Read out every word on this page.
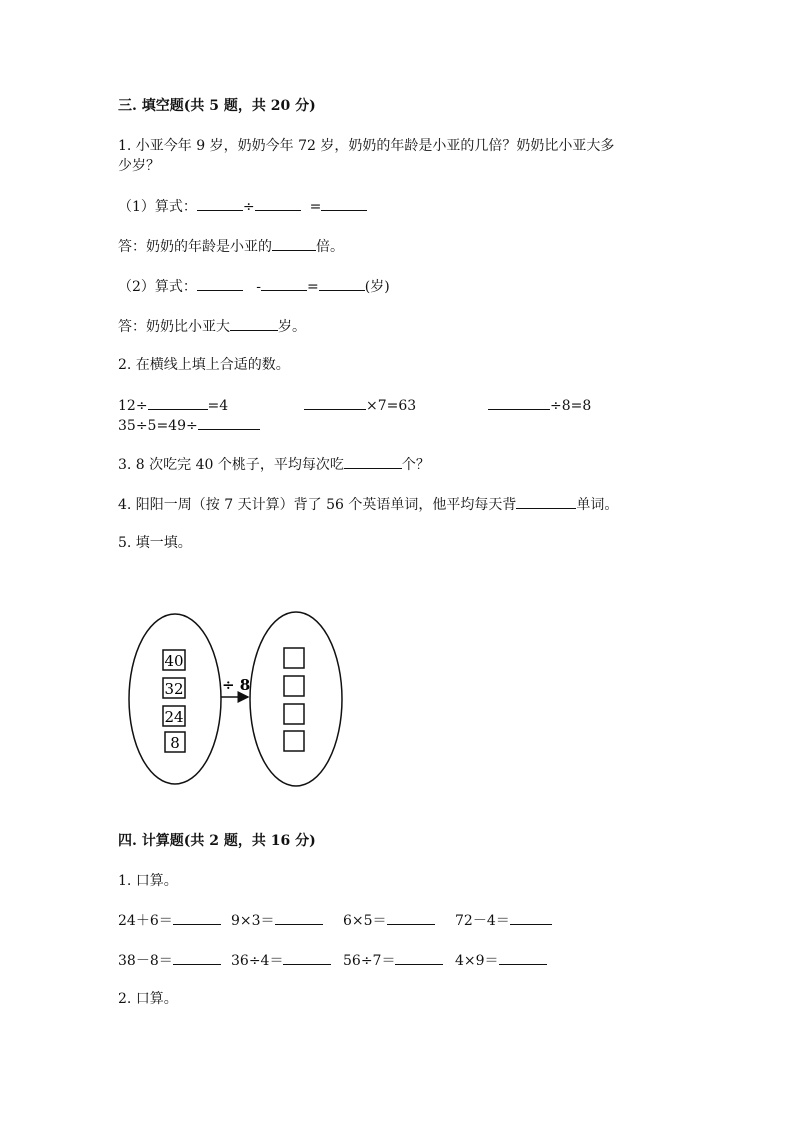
三. 填空题(共 5 题，共 20 分)
1. 小亚今年 9 岁，奶奶今年 72 岁，奶奶的年龄是小亚的几倍？奶奶比小亚大多
少岁？
（1）算式：	÷	=
答：奶奶的年龄是小亚的	倍。
（2）算式：	-	=	(岁)
答：奶奶比小亚大	岁。
2. 在横线上填上合适的数。
12÷	=4	×7=63	÷8=8
35÷5=49÷
3. 8 次吃完 40 个桃子，平均每次吃	个？
4. 阳阳一周（按 7 天计算）背了 56 个英语单词，他平均每天背	单词。
5. 填一填。
40
32
24
8
÷ 8
四. 计算题(共 2 题，共 16 分)
1. 口算。
24＋6＝	9×3＝	6×5＝	72－4＝
38－8＝	36÷4＝	56÷7＝	4×9＝
2. 口算。
